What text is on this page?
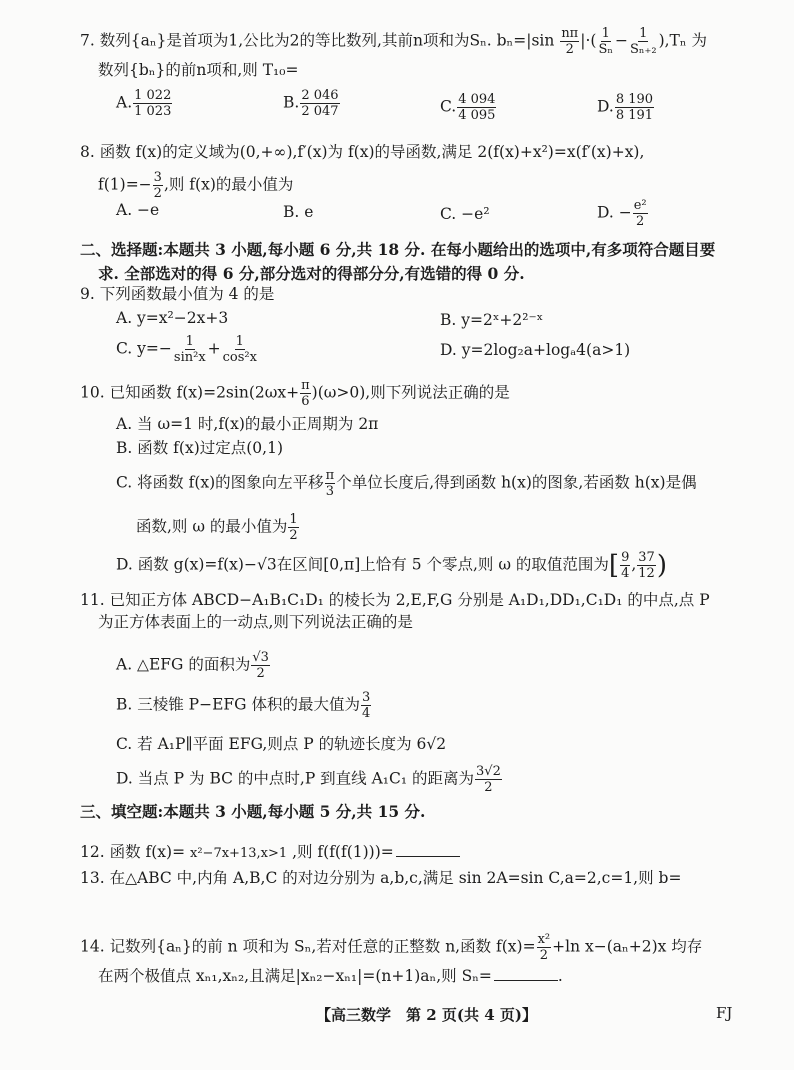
7. 数列{aₙ}是首项为1,公比为2的等比数列,其前n项和为Sₙ. $b_n=|\sin \frac{n\pi}{2}$ |·( $\frac{1}{\text{Sₙ}} - \frac{1}{\text{Sₙ₊₂}} ),T_n$ 为
数列{bₙ}的前n项和,则 T₁₀=
A. $\frac{1 022}{1 023}$	B. $\frac{2 046}{2 047}$	C. $\frac{4 094}{4 095}$	D. $\frac{8 190}{8 191}$
8. 函数 f(x)的定义域为(0,+∞),f′(x)为 f(x)的导函数,满足 2(f(x)+x²)=x(f′(x)+x),
$f(1)=- \frac{3}{2}$ ,则 f(x)的最小值为
A. −e	B. e	C. −e²	D. − $\frac{\text{e²}}{2}$
二、选择题:本题共 3 小题,每小题 6 分,共 18 分. 在每小题给出的选项中,有多项符合题目要
求. 全部选对的得 6 分,部分选对的得部分分,有选错的得 0 分.
9. 下列函数最小值为 4 的是
A. y=x²−2x+3	B. y=2ˣ+2²⁻ˣ
C. $y=- \frac{1}{\text{sin²x}} + \frac{1}{\text{cos²x}}$	D. y=2log₂a+logₐ4(a>1)
10. 已知函数 $f(x)=2\sin(2\omega x+ \frac{\pi}{6} )(\omega>0)$,则下列说法正确的是
A. 当 ω=1 时,f(x)的最小正周期为 2π
B. 函数 f(x)过定点(0,1)
C. 将函数 f(x)的图象向左平移 $\frac{\pi}{3}$ 个单位长度后,得到函数 h(x)的图象,若函数 h(x)是偶
函数,则 ω 的最小值为 $\frac{1}{2}$
D. 函数 g(x)=f(x)−√3在区间[0,π]上恰有 5 个零点,则 ω 的取值范围为[ $\frac{9}{4}$ , $\frac{37}{12}$ )
11. 已知正方体 ABCD−A₁B₁C₁D₁ 的棱长为 2,E,F,G 分别是 A₁D₁,DD₁,C₁D₁ 的中点,点 P
为正方体表面上的一动点,则下列说法正确的是
A. △EFG 的面积为 $\frac{√3}{2}$
B. 三棱锥 P−EFG 体积的最大值为 $\frac{3}{4}$
C. 若 A₁P∥平面 EFG,则点 P 的轨迹长度为 6√2
D. 当点 P 为 BC 的中点时,P 到直线 A₁C₁ 的距离为 $\frac{3√2}{2}$
三、填空题:本题共 3 小题,每小题 5 分,共 15 分.
12. 函数 f(x)= x²−7x+13,x>1 ,则 f(f(f(1)))=
13. 在△ABC 中,内角 A,B,C 的对边分别为 a,b,c,满足 sin 2A=sin C,a=2,c=1,则 b=
14. 记数列{aₙ}的前 n 项和为 Sₙ,若对任意的正整数 n,函数 $f(x)= \frac{\text{x²}}{2} +\ln$ x−(aₙ+2)x 均存
在两个极值点 xₙ₁,xₙ₂,且满足|xₙ₂−xₙ₁|=(n+1)aₙ,则 Sₙ=	.
【高三数学　第 2 页(共 4 页)】	FJ
